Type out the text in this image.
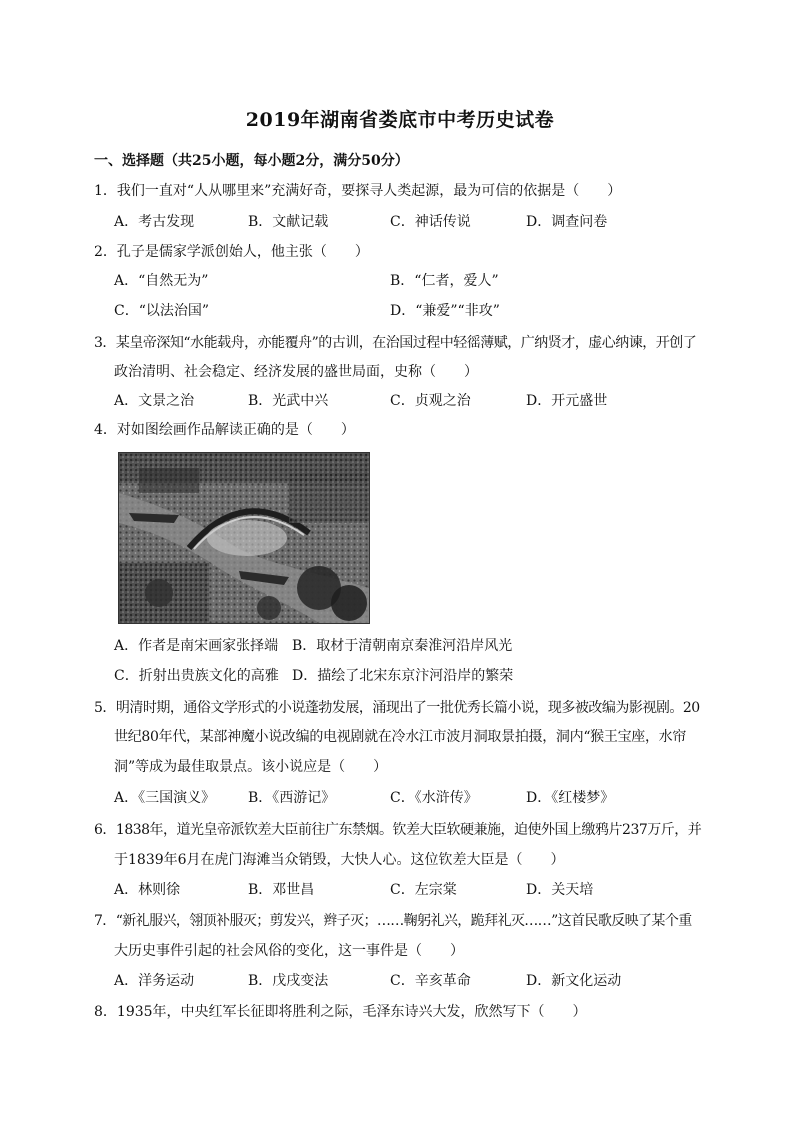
2019年湖南省娄底市中考历史试卷
一、选择题（共25小题，每小题2分，满分50分）
1．我们一直对“人从哪里来”充满好奇，要探寻人类起源，最为可信的依据是（　　）
A．考古发现	B．文献记载	C．神话传说	D．调查问卷
2．孔子是儒家学派创始人，他主张（　　）
A．“自然无为”	B．“仁者，爱人”
C．“以法治国”	D．“兼爱”“非攻”
3．某皇帝深知“水能载舟，亦能覆舟”的古训，在治国过程中轻徭薄赋，广纳贤才，虚心纳谏，开创了
政治清明、社会稳定、经济发展的盛世局面，史称（　　）
A．文景之治	B．光武中兴	C．贞观之治	D．开元盛世
4．对如图绘画作品解读正确的是（　　）
A．作者是南宋画家张择端 B．取材于清朝南京秦淮河沿岸风光
C．折射出贵族文化的高雅 D．描绘了北宋东京汴河沿岸的繁荣
5．明清时期，通俗文学形式的小说蓬勃发展，涌现出了一批优秀长篇小说，现多被改编为影视剧。20
世纪80年代，某部神魔小说改编的电视剧就在冷水江市波月洞取景拍摄，洞内“猴王宝座，水帘
洞”等成为最佳取景点。该小说应是（　　）
A．《三国演义》 B．《西游记》	C．《水浒传》	D．《红楼梦》
6．1838年，道光皇帝派钦差大臣前往广东禁烟。钦差大臣软硬兼施，迫使外国上缴鸦片237万斤，并
于1839年6月在虎门海滩当众销毁，大快人心。这位钦差大臣是（　　）
A．林则徐	B．邓世昌	C．左宗棠	D．关天培
7．“新礼服兴，翎顶补服灭；剪发兴，辫子灭；……鞠躬礼兴，跪拜礼灭……”这首民歌反映了某个重
大历史事件引起的社会风俗的变化，这一事件是（　　）
A．洋务运动	B．戊戌变法	C．辛亥革命	D．新文化运动
8．1935年，中央红军长征即将胜利之际，毛泽东诗兴大发，欣然写下（　　）
